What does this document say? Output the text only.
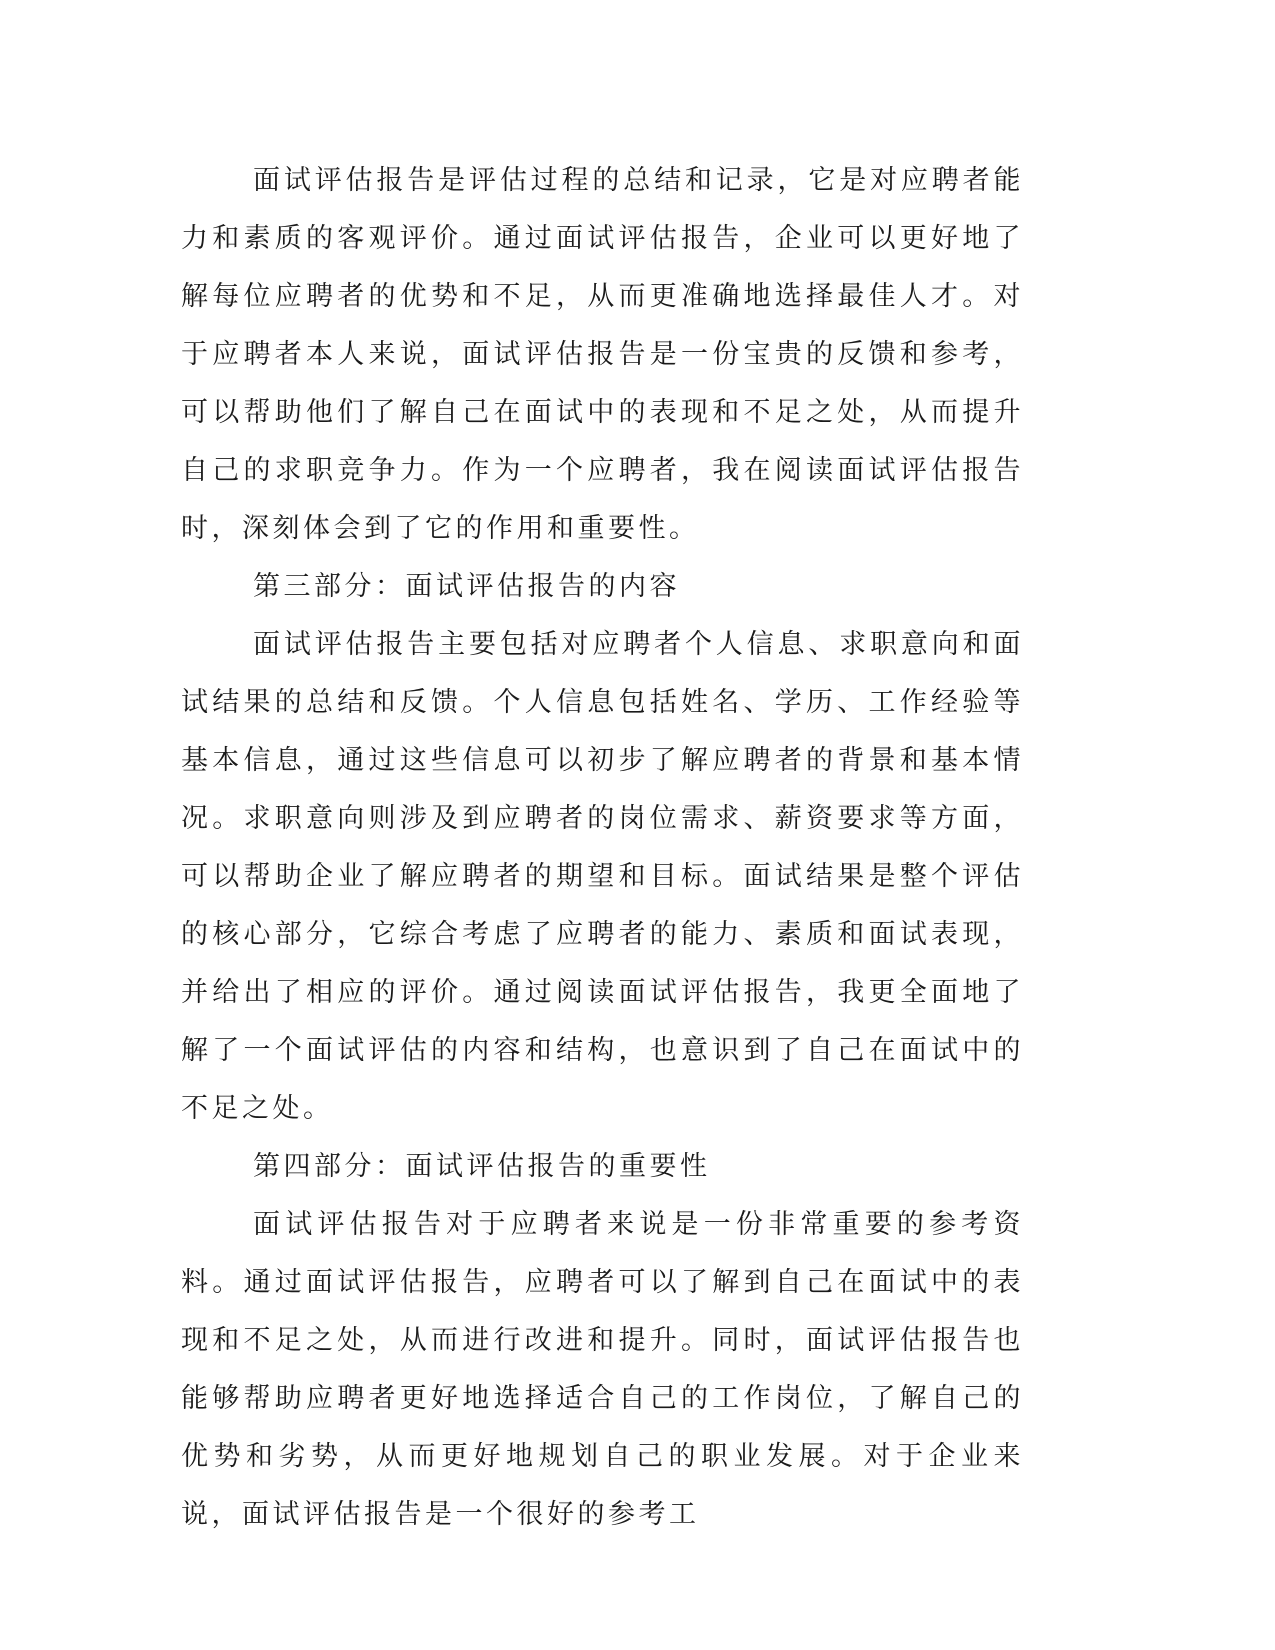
面试评估报告是评估过程的总结和记录，它是对应聘者能力和素质的客观评价。通过面试评估报告，企业可以更好地了解每位应聘者的优势和不足，从而更准确地选择最佳人才。对于应聘者本人来说，面试评估报告是一份宝贵的反馈和参考，可以帮助他们了解自己在面试中的表现和不足之处，从而提升自己的求职竞争力。作为一个应聘者，我在阅读面试评估报告时，深刻体会到了它的作用和重要性。

第三部分：面试评估报告的内容

面试评估报告主要包括对应聘者个人信息、求职意向和面试结果的总结和反馈。个人信息包括姓名、学历、工作经验等基本信息，通过这些信息可以初步了解应聘者的背景和基本情况。求职意向则涉及到应聘者的岗位需求、薪资要求等方面，可以帮助企业了解应聘者的期望和目标。面试结果是整个评估的核心部分，它综合考虑了应聘者的能力、素质和面试表现，并给出了相应的评价。通过阅读面试评估报告，我更全面地了解了一个面试评估的内容和结构，也意识到了自己在面试中的不足之处。

第四部分：面试评估报告的重要性

面试评估报告对于应聘者来说是一份非常重要的参考资料。通过面试评估报告，应聘者可以了解到自己在面试中的表现和不足之处，从而进行改进和提升。同时，面试评估报告也能够帮助应聘者更好地选择适合自己的工作岗位，了解自己的优势和劣势，从而更好地规划自己的职业发展。对于企业来说，面试评估报告是一个很好的参考工
